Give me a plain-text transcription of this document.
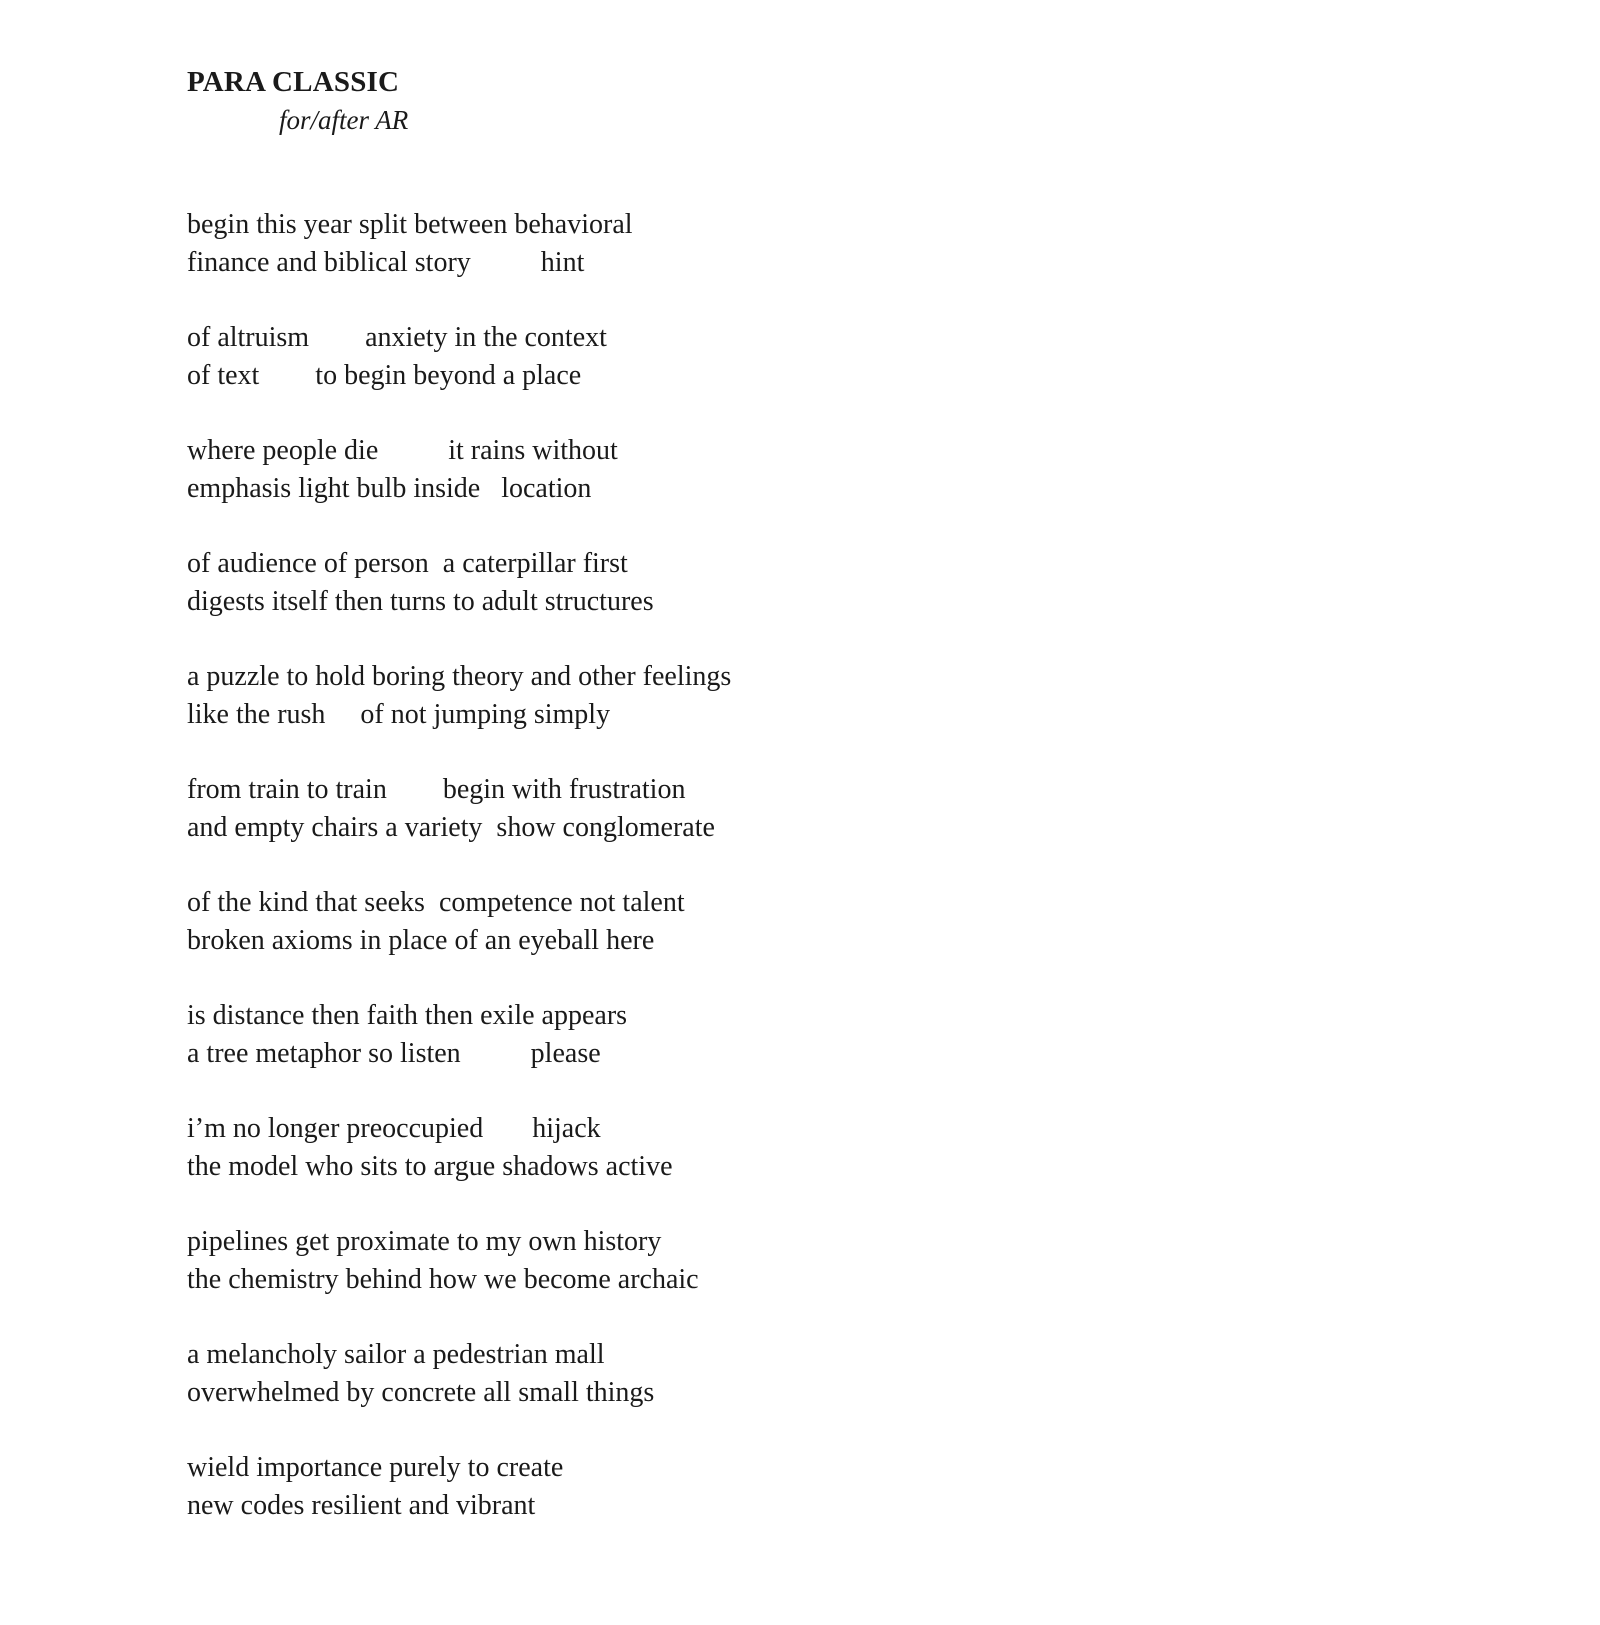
PARA CLASSIC

for/after AR

begin this year split between behavioral
finance and biblical story          hint
of altruism        anxiety in the context
of text        to begin beyond a place
where people die          it rains without
emphasis light bulb inside   location
of audience of person  a caterpillar first
digests itself then turns to adult structures
a puzzle to hold boring theory and other feelings
like the rush     of not jumping simply
from train to train        begin with frustration
and empty chairs a variety  show conglomerate
of the kind that seeks  competence not talent
broken axioms in place of an eyeball here
is distance then faith then exile appears
a tree metaphor so listen          please
i’m no longer preoccupied       hijack
the model who sits to argue shadows active
pipelines get proximate to my own history
the chemistry behind how we become archaic
a melancholy sailor a pedestrian mall
overwhelmed by concrete all small things
wield importance purely to create
new codes resilient and vibrant
